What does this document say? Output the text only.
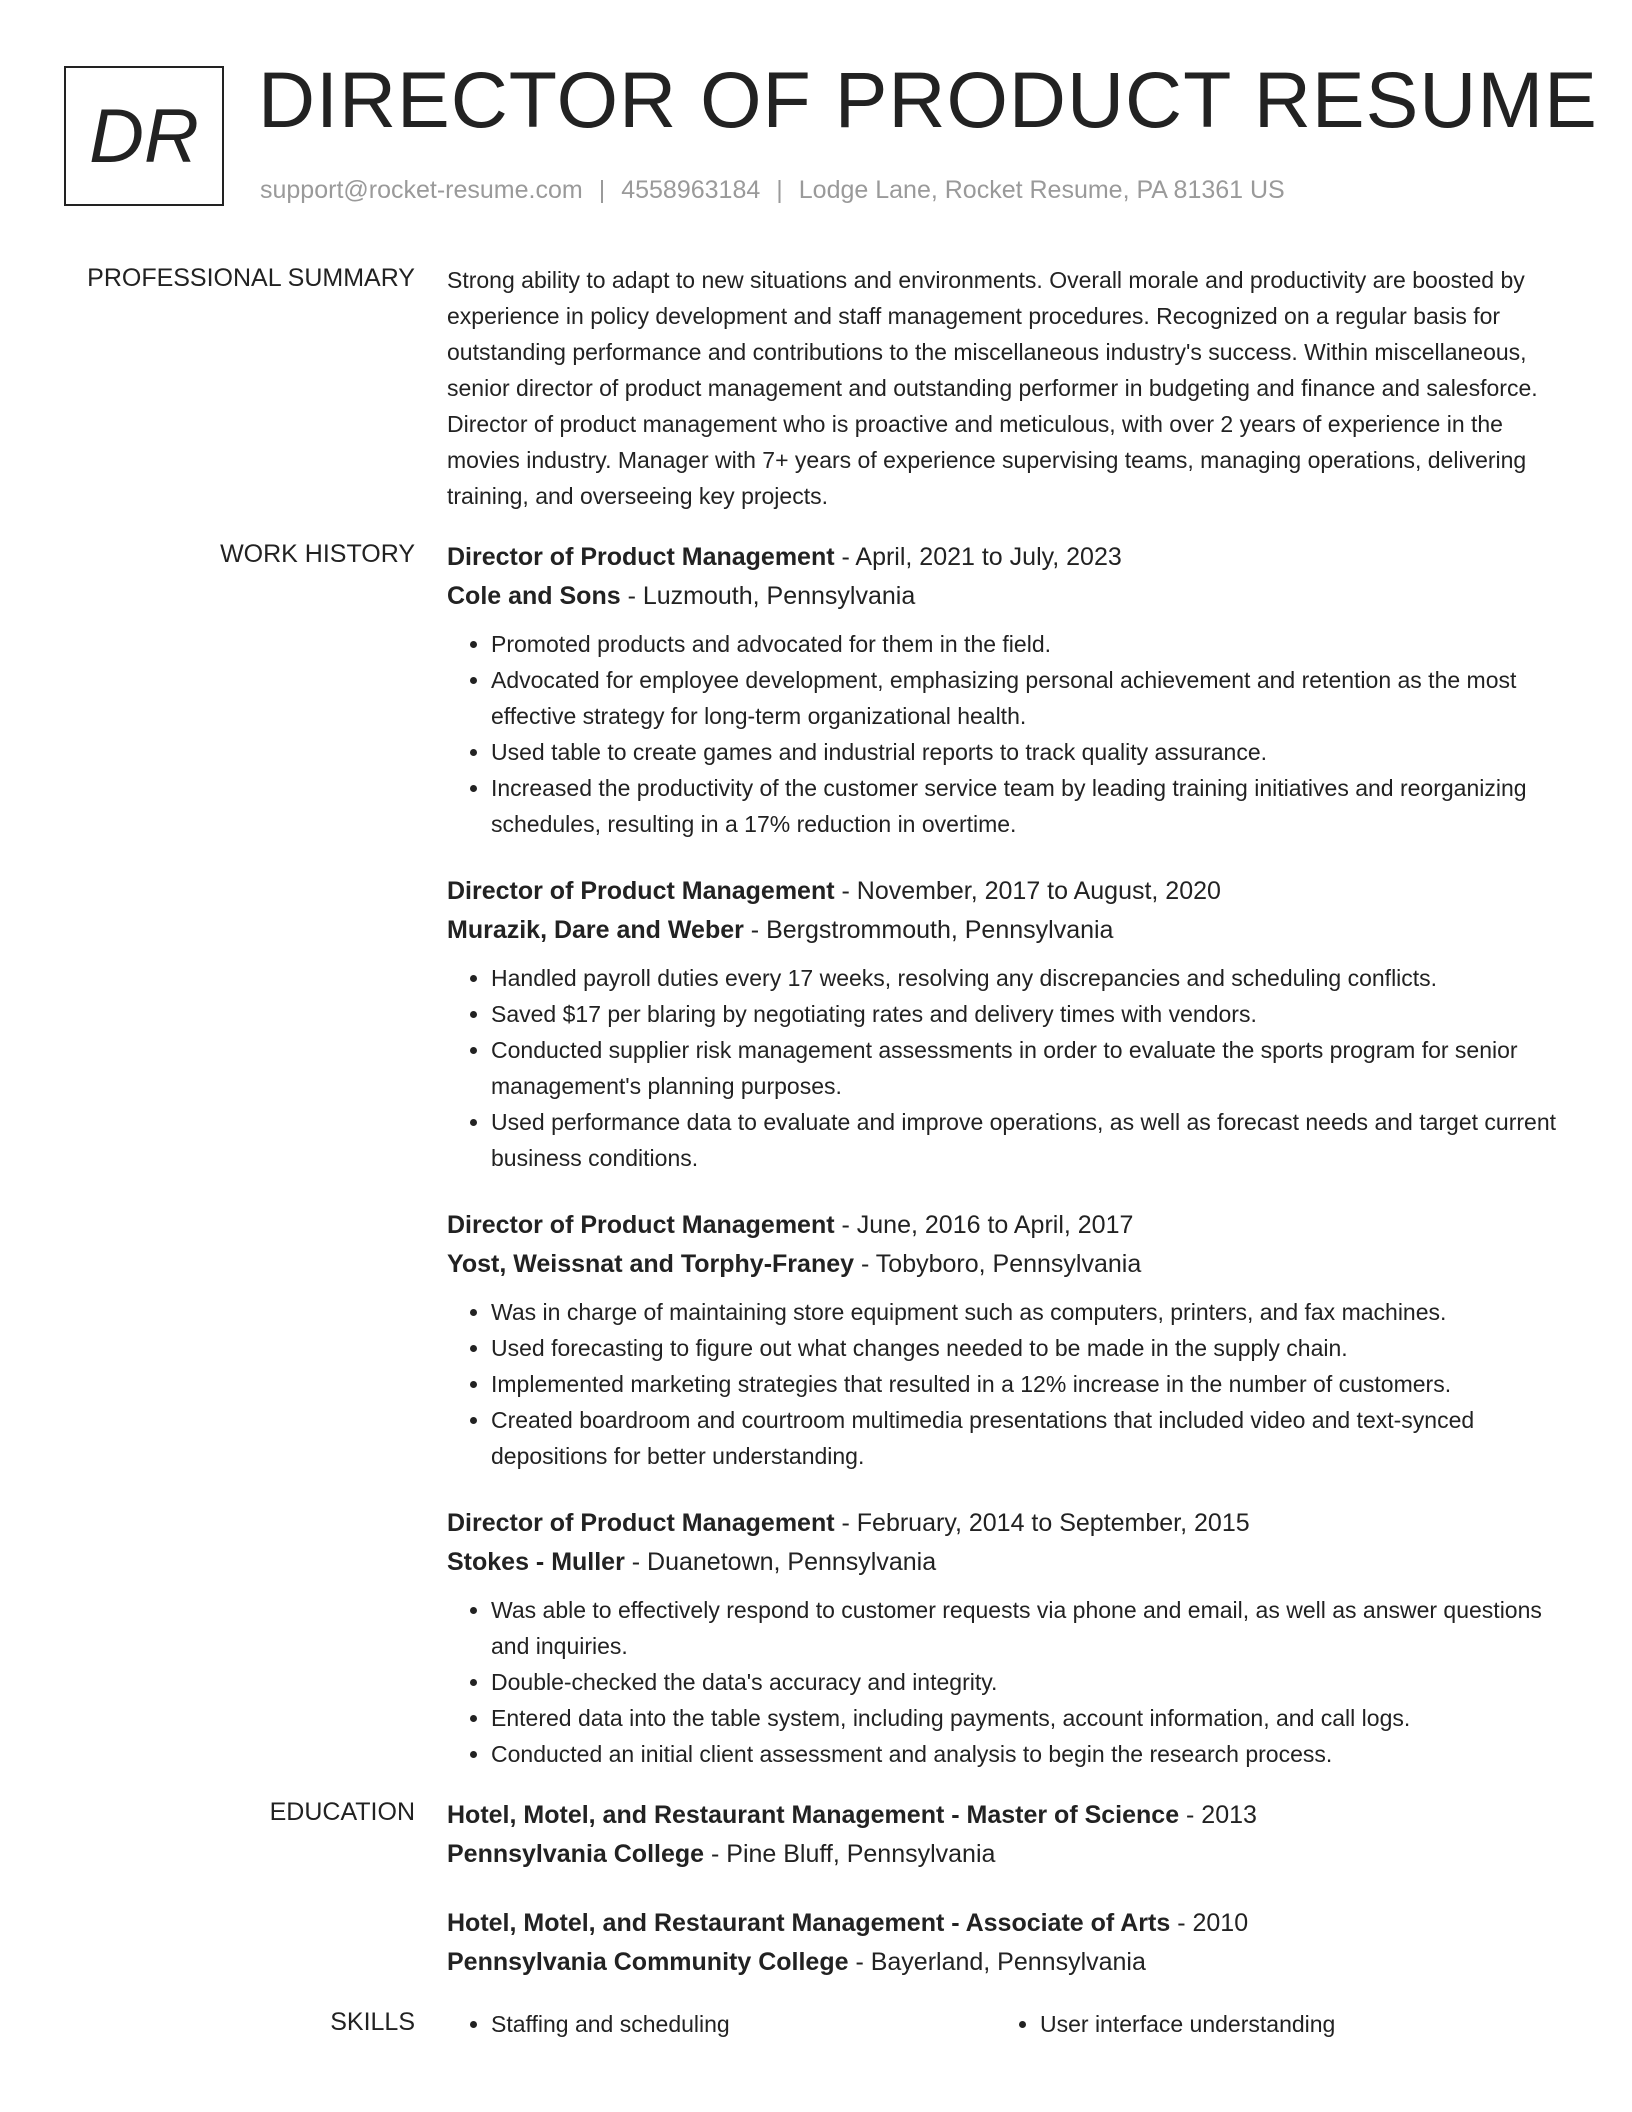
DR DIRECTOR OF PRODUCT RESUME
support@rocket-resume.com | 4558963184 | Lodge Lane, Rocket Resume, PA 81361 US
PROFESSIONAL SUMMARY Strong ability to adapt to new situations and environments. Overall morale and productivity are boosted by experience in policy development and staff management procedures. Recognized on a regular basis for outstanding performance and contributions to the miscellaneous industry's success. Within miscellaneous, senior director of product management and outstanding performer in budgeting and finance and salesforce. Director of product management who is proactive and meticulous, with over 2 years of experience in the movies industry. Manager with 7+ years of experience supervising teams, managing operations, delivering training, and overseeing key projects.

WORK HISTORY Director of Product Management - April, 2021 to July, 2023
Cole and Sons - Luzmouth, Pennsylvania
• Promoted products and advocated for them in the field.
• Advocated for employee development, emphasizing personal achievement and retention as the most effective strategy for long-term organizational health.
• Used table to create games and industrial reports to track quality assurance.
• Increased the productivity of the customer service team by leading training initiatives and reorganizing schedules, resulting in a 17% reduction in overtime.
Director of Product Management - November, 2017 to August, 2020
Murazik, Dare and Weber - Bergstrommouth, Pennsylvania
• Handled payroll duties every 17 weeks, resolving any discrepancies and scheduling conflicts.
• Saved $17 per blaring by negotiating rates and delivery times with vendors.
• Conducted supplier risk management assessments in order to evaluate the sports program for senior management's planning purposes.
• Used performance data to evaluate and improve operations, as well as forecast needs and target current business conditions.
Director of Product Management - June, 2016 to April, 2017
Yost, Weissnat and Torphy-Franey - Tobyboro, Pennsylvania
• Was in charge of maintaining store equipment such as computers, printers, and fax machines.
• Used forecasting to figure out what changes needed to be made in the supply chain.
• Implemented marketing strategies that resulted in a 12% increase in the number of customers.
• Created boardroom and courtroom multimedia presentations that included video and text-synced depositions for better understanding.
Director of Product Management - February, 2014 to September, 2015
Stokes - Muller - Duanetown, Pennsylvania
• Was able to effectively respond to customer requests via phone and email, as well as answer questions and inquiries.
• Double-checked the data's accuracy and integrity.
• Entered data into the table system, including payments, account information, and call logs.
• Conducted an initial client assessment and analysis to begin the research process.
EDUCATION Hotel, Motel, and Restaurant Management - Master of Science - 2013
Pennsylvania College - Pine Bluff, Pennsylvania
Hotel, Motel, and Restaurant Management - Associate of Arts - 2010
Pennsylvania Community College - Bayerland, Pennsylvania
SKILLS	• Staffing and scheduling	• User interface understanding
